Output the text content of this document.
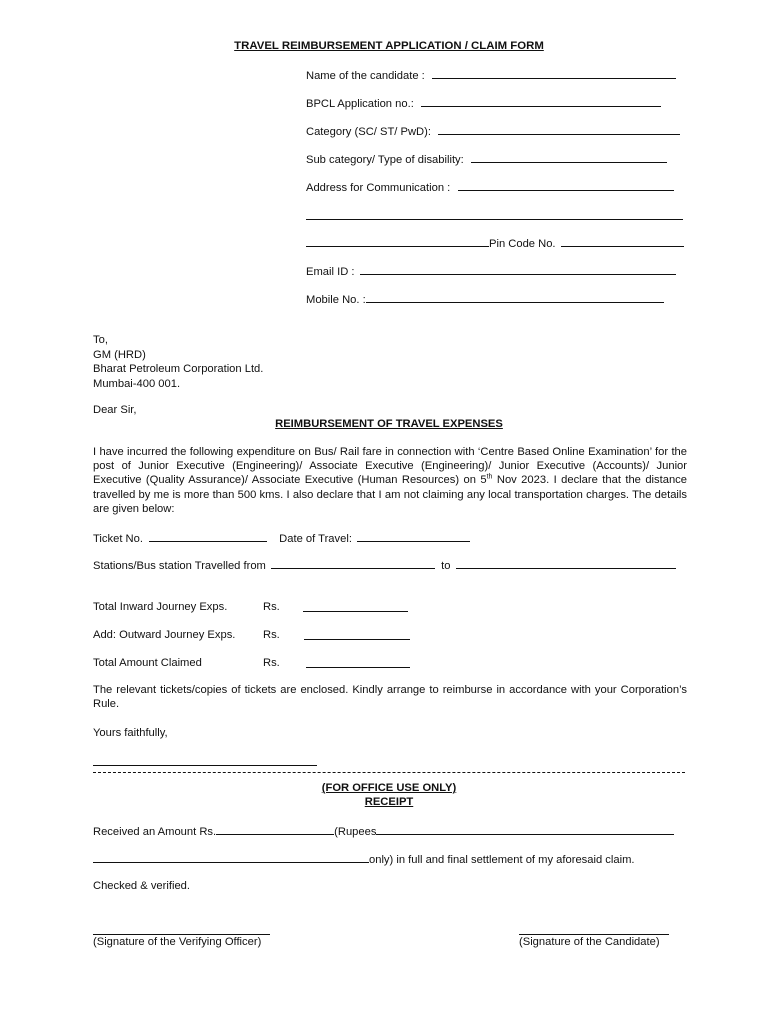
TRAVEL REIMBURSEMENT APPLICATION / CLAIM FORM
Name of the candidate :
BPCL Application no.:
Category (SC/ ST/ PwD):
Sub category/ Type of disability:
Address for Communication :
Pin Code No.
Email ID :
Mobile No. :
To,
GM (HRD)
Bharat Petroleum Corporation Ltd.
Mumbai-400 001.
Dear Sir,
REIMBURSEMENT OF TRAVEL EXPENSES
I have incurred the following expenditure on Bus/ Rail fare in connection with ‘Centre Based Online Examination’ for the post of Junior Executive (Engineering)/ Associate Executive (Engineering)/ Junior Executive (Accounts)/ Junior Executive (Quality Assurance)/ Associate Executive (Human Resources) on 5th Nov 2023. I declare that the distance travelled by me is more than 500 kms. I also declare that I am not claiming any local transportation charges. The details are given below:
Ticket No.	Date of Travel:
Stations/Bus station Travelled from	to
Total Inward Journey Exps.	Rs.
Add: Outward Journey Exps. Rs.
Total Amount Claimed	Rs.
The relevant tickets/copies of tickets are enclosed. Kindly arrange to reimburse in accordance with your Corporation’s Rule.
Yours faithfully,
(FOR OFFICE USE ONLY)
RECEIPT
Received an Amount Rs.	(Rupees
only) in full and final settlement of my aforesaid claim.
Checked & verified.
(Signature of the Verifying Officer)	(Signature of the Candidate)
